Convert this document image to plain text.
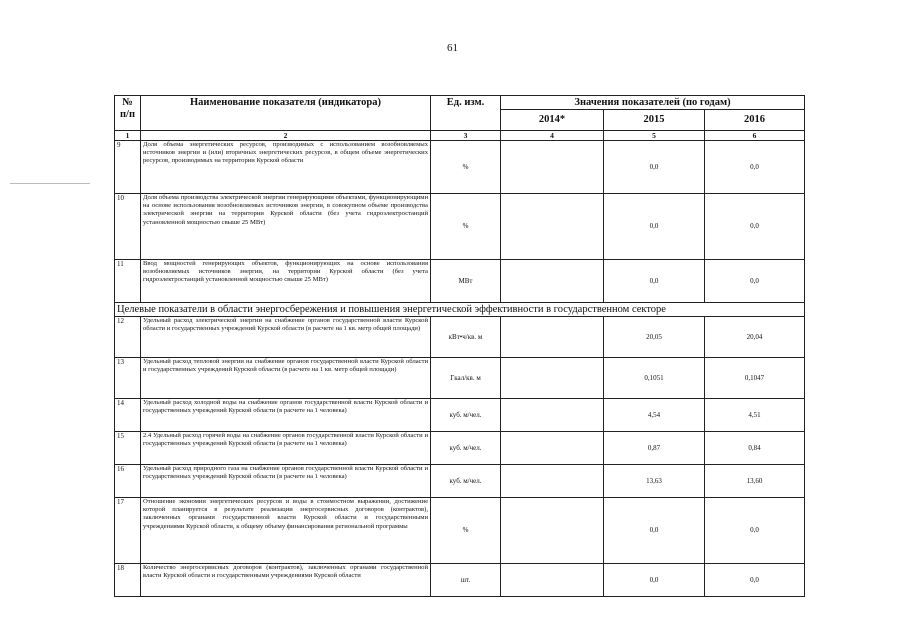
61
№
п/п	Наименование показателя (индикатора)	Ед. изм.	Значения показателей (по годам)		
			2014*	2015	2016
1	2	3	4	5	6
9	Доля объема энергетических ресурсов, производимых с использованием возобновляемых источников энергии и (или) вторичных энергетических ресурсов, в общем объеме энергетических ресурсов, производимых на территории Курской области	%		0,0	0,0
10	Доля объема производства электрической энергии генерирующими объектами, функционирующими на основе использования возобновляемых источников энергии, в совокупном объеме производства электрической энергии на территории Курской области (без учета гидроэлектростанций установленной мощностью свыше 25 МВт)	%		0,0	0,0
11	Ввод мощностей генерирующих объектов, функционирующих на основе использования возобновляемых источников энергии, на территории Курской области (без учета гидроэлектростанций установленной мощностью свыше 25 МВт)	МВт		0,0	0,0
Целевые показатели в области энергосбережения и повышения энергетической эффективности в государственном секторе					
12	Удельный расход электрической энергии на снабжение органов государственной власти Курской области и государственных учреждений Курской области (в расчете на 1 кв. метр общей площади)	кВт•ч/кв. м		20,05	20,04
13	Удельный расход тепловой энергии на снабжение органов государственной власти Курской области и государственных учреждений Курской области (в расчете на 1 кв. метр общей площади)	Гкал/кв. м		0,1051	0,1047
14	Удельный расход холодной воды на снабжение органов государственной власти Курской области и государственных учреждений Курской области (в расчете на 1 человека)	куб. м/чел.		4,54	4,51
15	2.4 Удельный расход горячей воды на снабжение органов государственной власти Курской области и государственных учреждений Курской области (в расчете на 1 человека)	куб. м/чел.		0,87	0,84
16	Удельный расход природного газа на снабжение органов государственной власти Курской области и государственных учреждений Курской области (в расчете на 1 человека)	куб. м/чел.		13,63	13,60
17	Отношение экономии энергетических ресурсов и воды в стоимостном выражении, достижение которой планируется в результате реализации энергосервисных договоров (контрактов), заключенных органами государственной власти Курской области и государственными учреждениями Курской области, к общему объему финансирования региональной программы	%		0,0	0,0
18	Количество энергосервисных договоров (контрактов), заключенных органами государственной власти Курской области и государственными учреждениями Курской области	шт.		0,0	0,0
